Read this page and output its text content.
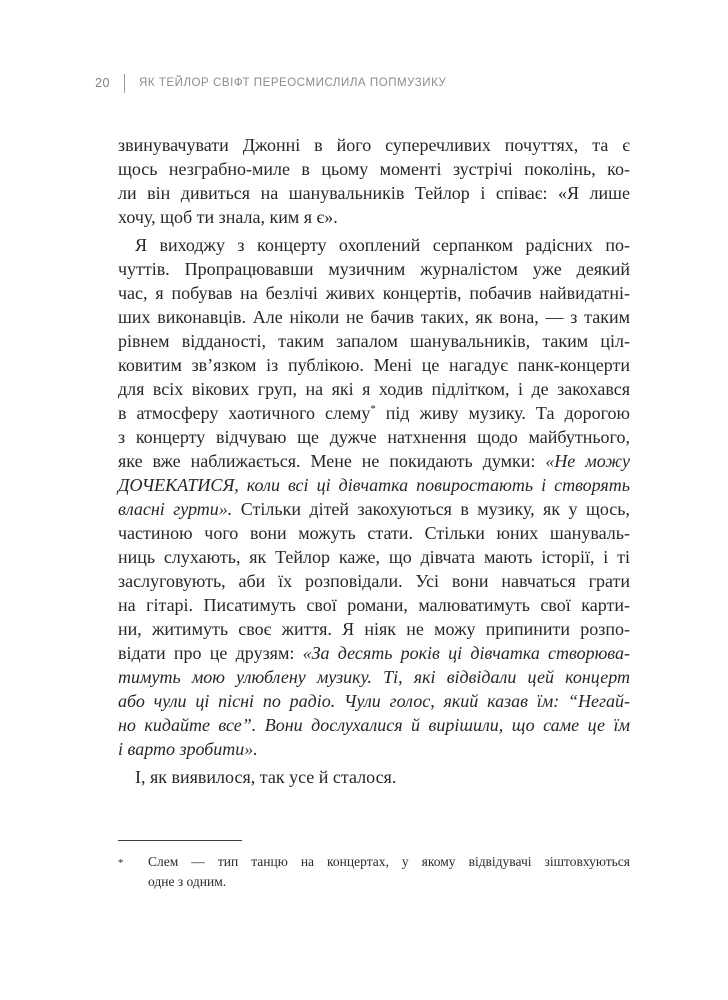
20	ЯК ТЕЙЛОР СВІФТ ПЕРЕОСМИСЛИЛА ПОПМУЗИКУ
звинувачувати Джонні в його суперечливих почуттях, та є
щось незграбно-миле в цьому моменті зустрічі поколінь, ко-
ли він дивиться на шанувальників Тейлор і співає: «Я лише
хочу, щоб ти знала, ким я є».
Я виходжу з концерту охоплений серпанком радісних по-
чуттів. Пропрацювавши музичним журналістом уже деякий
час, я побував на безлічі живих концертів, побачив найвидатні-
ших виконавців. Але ніколи не бачив таких, як вона, — з таким
рівнем відданості, таким запалом шанувальників, таким ціл-
ковитим зв’язком із публікою. Мені це нагадує панк-концерти
для всіх вікових груп, на які я ходив підлітком, і де закохався
в атмосферу хаотичного слему* під живу музику. Та дорогою
з концерту відчуваю ще дужче натхнення щодо майбутнього,
яке вже наближається. Мене не покидають думки: «Не можу
ДОЧЕКАТИСЯ, коли всі ці дівчатка повиростають і створять
власні гурти». Стільки дітей закохуються в музику, як у щось,
частиною чого вони можуть стати. Стільки юних шануваль-
ниць слухають, як Тейлор каже, що дівчата мають історії, і ті
заслуговують, аби їх розповідали. Усі вони навчаться грати
на гітарі. Писатимуть свої романи, малюватимуть свої карти-
ни, житимуть своє життя. Я ніяк не можу припинити розпо-
відати про це друзям: «За десять років ці дівчатка створюва-
тимуть мою улюблену музику. Ті, які відвідали цей концерт
або чули ці пісні по радіо. Чули голос, який казав їм: “Негай-
но кидайте все”. Вони дослухалися й вирішили, що саме це їм
і варто зробити».
І, як виявилося, так усе й сталося.
*	Слем — тип танцю на концертах, у якому відвідувачі зіштовхуються
одне з одним.
